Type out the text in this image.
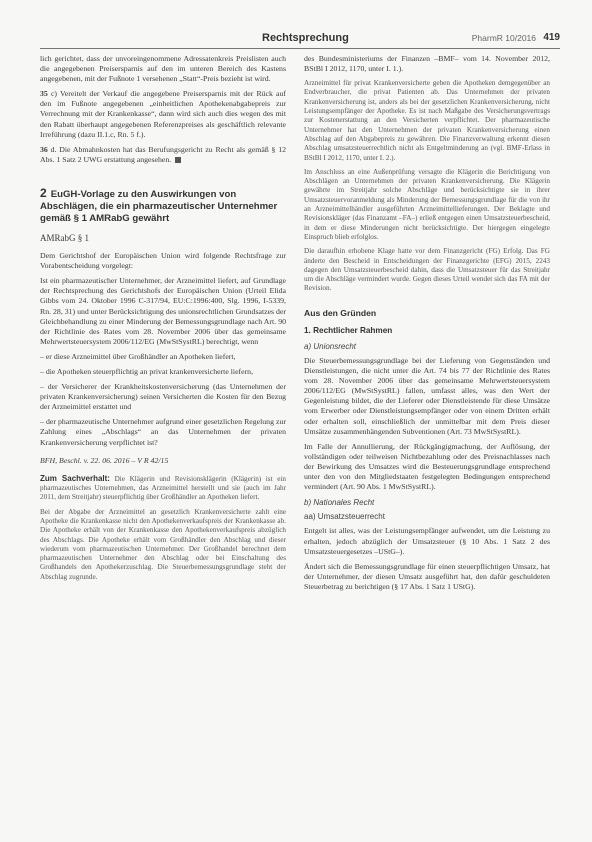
Rechtsprechung	PharmR 10/2016 419

lich gerichtet, dass der unvoreingenommene Adressatenkreis Preislisten auch die angegebenen Preisersparnis auf den im unteren Bereich des Kastens angegebenen, mit der Fußnote 1 versehenen „Statt“-Preis bezieht ist wird.

35 c) Vereitelt der Verkauf die angegebene Preisersparnis mit der Rück auf den im Fußnote angegebenen „einheitlichen Apothekenabgabepreis zur Verrechnung mit der Krankenkasse“, dann wird sich auch dies wegen des mit den Rabatt überhaupt angegebenen Referenzpreises als geschäftlich relevante Irreführung (dazu II.1.c, Rn. 5 f.).

36 d. Die Abmahnkosten hat das Berufungsgericht zu Recht als gemäß § 12 Abs. 1 Satz 2 UWG erstattung angesehen.

2 EuGH-Vorlage zu den Auswirkungen von Abschlägen, die ein pharmazeutischer Unternehmer gemäß § 1 AMRabG gewährt
AMRabG § 1

Dem Gerichtshof der Europäischen Union wird folgende Rechtsfrage zur Vorabentscheidung vorgelegt:

Ist ein pharmazeutischer Unternehmer, der Arzneimittel liefert, auf Grundlage der Rechtsprechung des Gerichtshofs der Europäischen Union (Urteil Elida Gibbs vom 24. Oktober 1996 C-317/94, EU:C:1996:400, Slg. 1996, I-5339, Rn. 28, 31) und unter Berücksichtigung des unionsrechtlichen Grundsatzes der Gleichbehandlung zu einer Minderung der Bemessungsgrundlage nach Art. 90 der Richtlinie des Rates vom 28. November 2006 über das gemeinsame Mehrwertsteuersystem 2006/112/EG (MwStSystRL) berechtigt, wenn

– er diese Arzneimittel über Großhändler an Apotheken liefert,

– die Apotheken steuerpflichtig an privat krankenversicherte liefern,

– der Versicherer der Krankheitskostenversicherung (das Unternehmen der privaten Krankenversicherung) seinen Versicherten die Kosten für den Bezug der Arzneimittel erstattet und

– der pharmazeutische Unternehmer aufgrund einer gesetzlichen Regelung zur Zahlung eines „Abschlags“ an das Unternehmen der privaten Krankenversicherung verpflichtet ist?

BFH, Beschl. v. 22. 06. 2016 – V R 42/15

Zum Sachverhalt: Die Klägerin und Revisionsklägerin (Klägerin) ist ein pharmazeutisches Unternehmen, das Arzneimittel herstellt und sie (auch im Jahr 2011, dem Streitjahr) steuerpflichtig über Großhändler an Apotheken liefert.

Bei der Abgabe der Arzneimittel an gesetzlich Krankenversicherte zahlt eine Apotheke die Krankenkasse nicht den Apothekenverkaufspreis der Krankenkasse ab. Die Apotheke erhält von der Krankenkasse den Apothekenverkaufspreis abzüglich des Abschlags. Die Apotheke erhält vom Großhändler den Abschlag und dieser wiederum vom pharmazeutischen Unternehmer. Der Großhandel berechnet dem pharmazeutischen Unternehmer den Abschlag oder bei Einschaltung des Großhandels den Apothekerzuschlag. Die Steuerbemessungsgrundlage steht der Abschlag zugrunde.

des Bundesministeriums der Finanzen –BMF– vom 14. November 2012, BStBl I 2012, 1170, unter I. 1.).

Arzneimittel für privat Krankenversicherte geben die Apotheken demgegenüber an Endverbraucher, die privat Patienten ab. Das Unternehmen der privaten Krankenversicherung ist, anders als bei der gesetzlichen Krankenversicherung, nicht Leistungsempfänger der Apotheke. Es ist nach Maßgabe des Versicherungsvertrags zur Kostenerstattung an den Versicherten verpflichtet. Der pharmazeutische Unternehmer hat den Unternehmen der privaten Krankenversicherung einen Abschlag auf den Abgabepreis zu gewähren. Die Finanzverwaltung erkennt diesen Abschlag umsatzsteuerrechtlich nicht als Entgeltminderung an (vgl. BMF-Erlass in BStBl I 2012, 1170, unter I. 2.).

Im Anschluss an eine Außenprüfung versagte die Klägerin die Berichtigung von Abschlägen an Unternehmen der privaten Krankenversicherung. Die Klägerin gewährte im Streitjahr solche Abschläge und berücksichtigte sie in ihrer Umsatzsteuervoranmeldung als Minderung der Bemessungsgrundlage für die von ihr an Arzneimittelhändler ausgeführten Arzneimittellieferungen. Der Beklagte und Revisionskläger (das Finanzamt –FA–) erließ entgegen einen Umsatzsteuerbescheid, in dem er diese Minderungen nicht berücksichtigte. Der hiergegen eingelegte Einspruch blieb erfolglos.

Die daraufhin erhobene Klage hatte vor dem Finanzgericht (FG) Erfolg. Das FG änderte den Bescheid in Entscheidungen der Finanzgerichte (EFG) 2015, 2243 dagegen den Umsatzsteuerbescheid dahin, dass die Umsatzsteuer für das Streitjahr um die Abschläge vermindert wurde. Gegen dieses Urteil wendet sich das FA mit der Revision.

Aus den Gründen
1. Rechtlicher Rahmen
a) Unionsrecht

Die Steuerbemessungsgrundlage bei der Lieferung von Gegenständen und Dienstleistungen, die nicht unter die Art. 74 bis 77 der Richtlinie des Rates vom 28. November 2006 über das gemeinsame Mehrwertsteuersystem 2006/112/EG (MwStSystRL) fallen, umfasst alles, was den Wert der Gegenleistung bildet, die der Lieferer oder Dienstleistende für diese Umsätze vom Erwerber oder Dienstleistungsempfänger oder von einem Dritten erhält oder erhalten soll, einschließlich der unmittelbar mit dem Preis dieser Umsätze zusammenhängenden Subventionen (Art. 73 MwStSystRL).

Im Falle der Annullierung, der Rückgängigmachung, der Auflösung, der vollständigen oder teilweisen Nichtbezahlung oder des Preisnachlasses nach der Bewirkung des Umsatzes wird die Besteuerungsgrundlage entsprechend unter den von den Mitgliedstaaten festgelegten Bedingungen entsprechend vermindert (Art. 90 Abs. 1 MwStSystRL).

b) Nationales Recht
aa) Umsatzsteuerrecht

Entgelt ist alles, was der Leistungsempfänger aufwendet, um die Leistung zu erhalten, jedoch abzüglich der Umsatzsteuer (§ 10 Abs. 1 Satz 2 des Umsatzsteuergesetzes –UStG–).

Ändert sich die Bemessungsgrundlage für einen steuerpflichtigen Umsatz, hat der Unternehmer, der diesen Umsatz ausgeführt hat, den dafür geschuldeten Steuerbetrag zu berichtigen (§ 17 Abs. 1 Satz 1 UStG).
